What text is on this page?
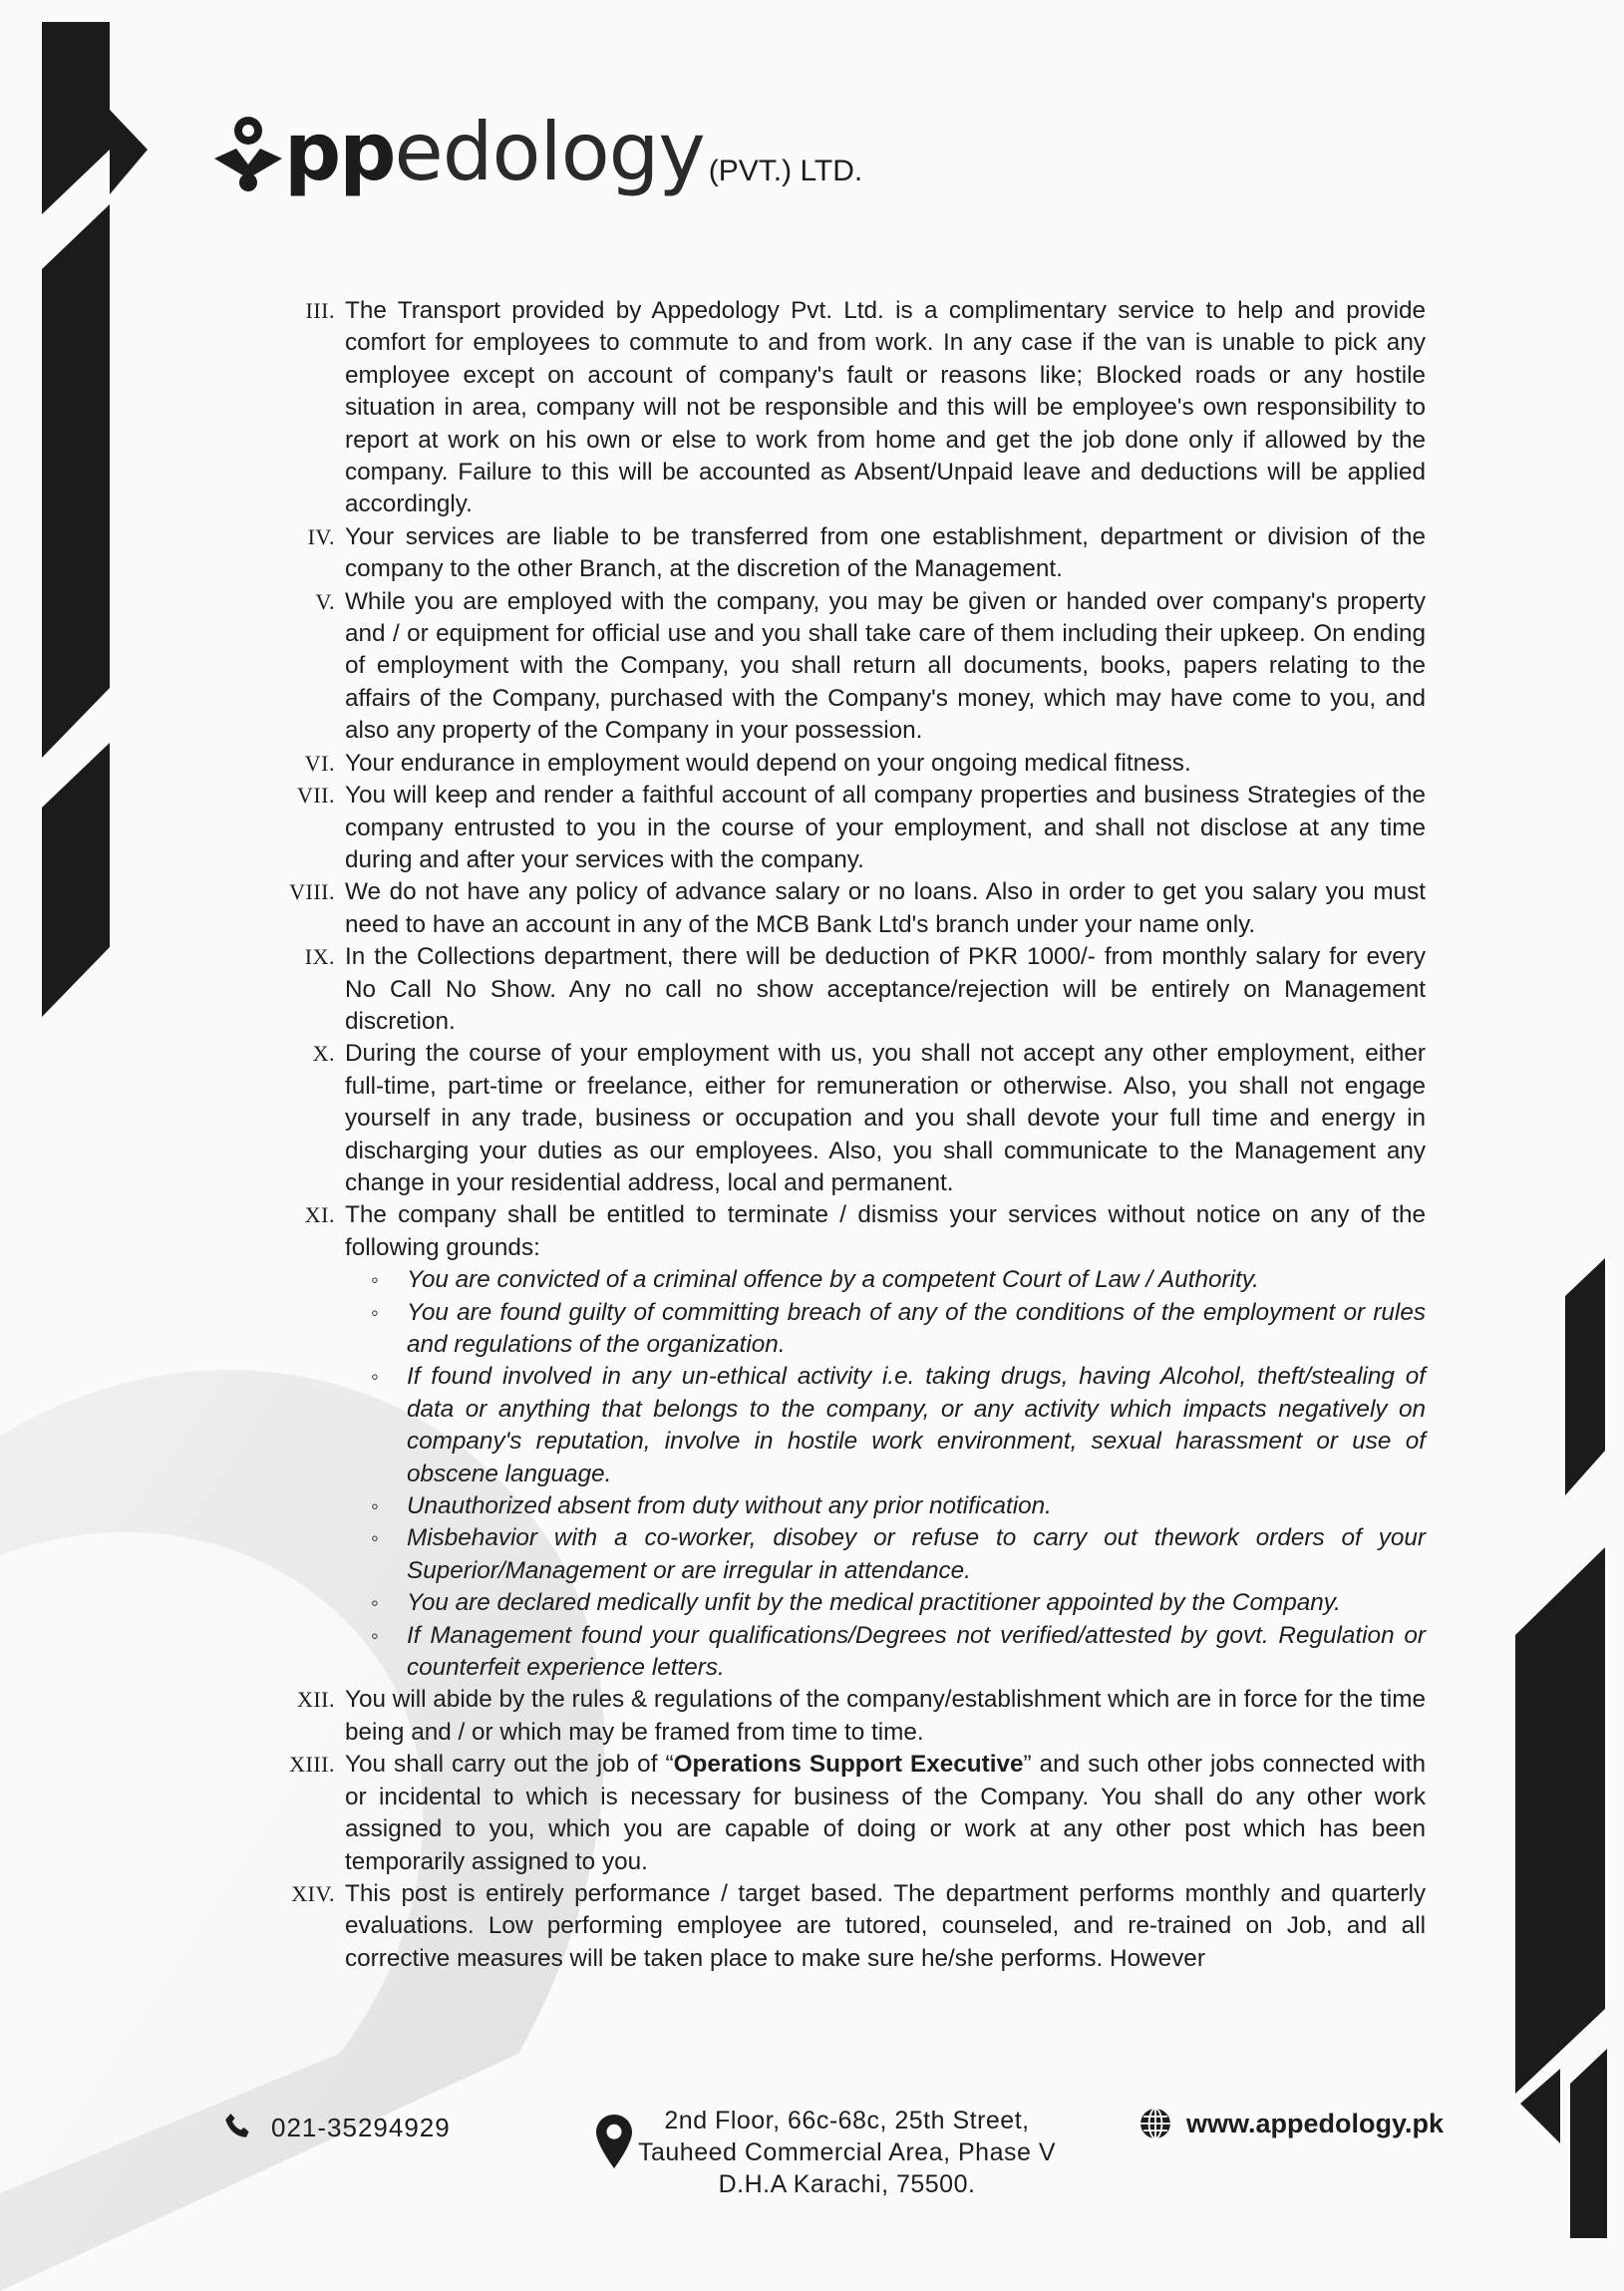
pp edology (PVT.) LTD.
III. The Transport provided by Appedology Pvt. Ltd. is a complimentary service to help and provide comfort for employees to commute to and from work. In any case if the van is unable to pick any employee except on account of company's fault or reasons like; Blocked roads or any hostile situation in area, company will not be responsible and this will be employee's own responsibility to report at work on his own or else to work from home and get the job done only if allowed by the company. Failure to this will be accounted as Absent/Unpaid leave and deductions will be applied accordingly.
IV. Your services are liable to be transferred from one establishment, department or division of the company to the other Branch, at the discretion of the Management.
V. While you are employed with the company, you may be given or handed over company's property and / or equipment for official use and you shall take care of them including their upkeep. On ending of employment with the Company, you shall return all documents, books, papers relating to the affairs of the Company, purchased with the Company's money, which may have come to you, and also any property of the Company in your possession.
VI. Your endurance in employment would depend on your ongoing medical fitness.
VII. You will keep and render a faithful account of all company properties and business Strategies of the company entrusted to you in the course of your employment, and shall not disclose at any time during and after your services with the company.
VIII. We do not have any policy of advance salary or no loans. Also in order to get you salary you must need to have an account in any of the MCB Bank Ltd's branch under your name only.
IX. In the Collections department, there will be deduction of PKR 1000/- from monthly salary for every No Call No Show. Any no call no show acceptance/rejection will be entirely on Management discretion.
X. During the course of your employment with us, you shall not accept any other employment, either full-time, part-time or freelance, either for remuneration or otherwise. Also, you shall not engage yourself in any trade, business or occupation and you shall devote your full time and energy in discharging your duties as our employees. Also, you shall communicate to the Management any change in your residential address, local and permanent.
XI. The company shall be entitled to terminate / dismiss your services without notice on any of the following grounds:
◦ You are convicted of a criminal offence by a competent Court of Law / Authority.
◦ You are found guilty of committing breach of any of the conditions of the employment or rules and regulations of the organization.
◦ If found involved in any un-ethical activity i.e. taking drugs, having Alcohol, theft/stealing of data or anything that belongs to the company, or any activity which impacts negatively on company's reputation, involve in hostile work environment, sexual harassment or use of obscene language.
◦ Unauthorized absent from duty without any prior notification.
◦ Misbehavior with a co-worker, disobey or refuse to carry out thework orders of your Superior/Management or are irregular in attendance.
◦ You are declared medically unfit by the medical practitioner appointed by the Company.
◦ If Management found your qualifications/Degrees not verified/attested by govt. Regulation or counterfeit experience letters.
XII. You will abide by the rules & regulations of the company/establishment which are in force for the time being and / or which may be framed from time to time.
XIII. You shall carry out the job of “Operations Support Executive” and such other jobs connected with or incidental to which is necessary for business of the Company. You shall do any other work assigned to you, which you are capable of doing or work at any other post which has been temporarily assigned to you.
XIV. This post is entirely performance / target based. The department performs monthly and quarterly evaluations. Low performing employee are tutored, counseled, and re-trained on Job, and all corrective measures will be taken place to make sure he/she performs. However
021-35294929	2nd Floor, 66c-68c, 25th Street,
Tauheed Commercial Area, Phase V
D.H.A Karachi, 75500.
www.appedology.pk
